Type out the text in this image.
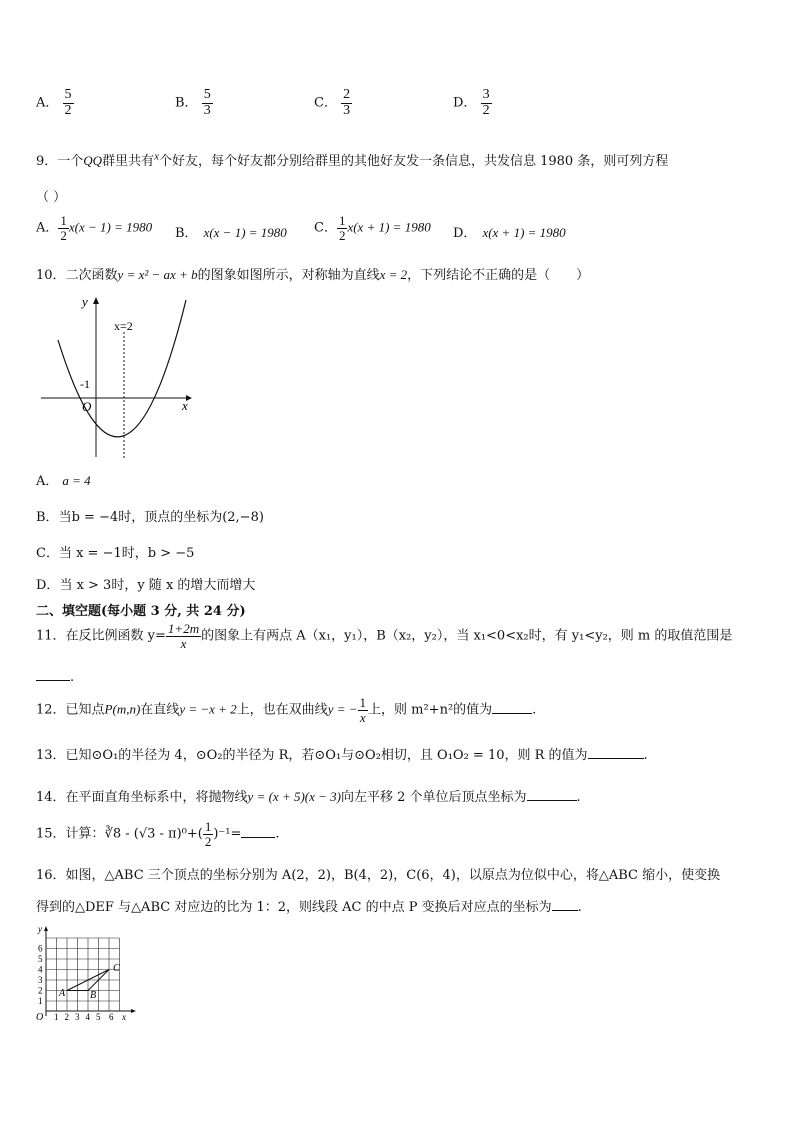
A． $\frac{5}{2}$	B． $\frac{5}{3}$	C． $\frac{2}{3}$	D． $\frac{3}{2}$
9．一个QQ群里共有$^x$个好友，每个好友都分别给群里的其他好友发一条信息，共发信息 1980 条，则可列方程
（ ）
A． $\frac{1}{2} x(x - 1) = 1980$ B． x(x − 1) = 1980 C． $\frac{1}{2} x(x + 1) = 1980$ D． x(x + 1) = 1980
10．二次函数y = x² − ax + b的图象如图所示，对称轴为直线x = 2，下列结论不正确的是（　　）
y
x
O
-1
x=2
A． a = 4
B．当b = −4时，顶点的坐标为(2,−8)
C．当 x = −1时，b > −5
D．当 x > 3时，y 随 x 的增大而增大
二、填空题(每小题 3 分, 共 24 分)
11．在反比例函数 $y= \frac{1+2m}{x}$ 的图象上有两点 A（x₁，y₁），B（x₂，y₂），当 x₁<0<x₂时，有 y₁<y₂，则 m 的取值范围是
.
12．已知点P(m,n)在直线y = −x + 2上，也在双曲线y = − $\frac{1}{x}$ 上，则 m²+n²的值为	.
13．已知⊙O₁的半径为 4，⊙O₂的半径为 R，若⊙O₁与⊙O₂相切，且 O₁O₂ = 10，则 R 的值为	.
14．在平面直角坐标系中，将抛物线y = (x + 5)(x − 3)向左平移 2 个单位后顶点坐标为	.
15．计算：∛8 - $(√3 - \pi)^0+( \frac{1}{2} )^{-1}=$	.
16．如图，△ABC 三个顶点的坐标分别为 A(2，2)，B(4，2)，C(6，4)，以原点为位似中心，将△ABC 缩小，使变换
得到的△DEF 与△ABC 对应边的比为 1：2，则线段 AC 的中点 P 变换后对应点的坐标为 .
y
O	x
1 2 3 4 5 6
1
2
3
4
5
6
A B
C
